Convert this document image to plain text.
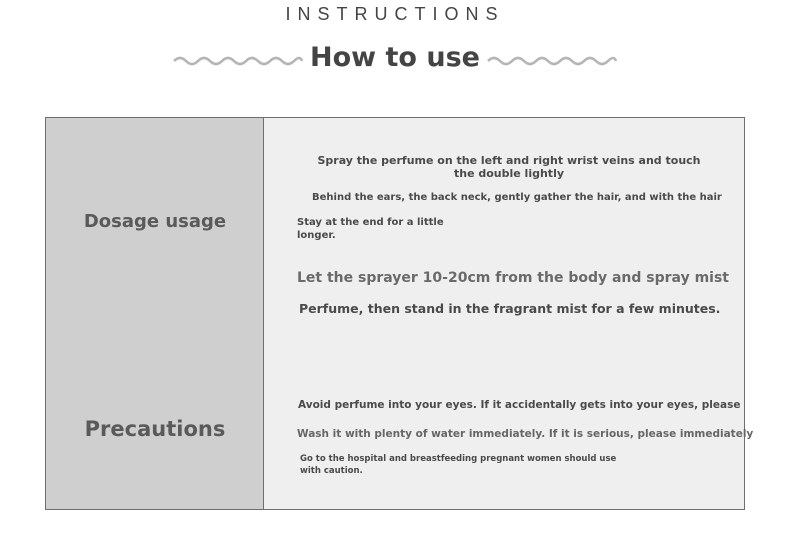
INSTRUCTIONS
How to use
Dosage usage
Precautions
Spray the perfume on the left and right wrist veins and touch the double lightly
Behind the ears, the back neck, gently gather the hair, and with the hair
Stay at the end for a little longer.
Let the sprayer 10-20cm from the body and spray mist
Perfume, then stand in the fragrant mist for a few minutes.
Avoid perfume into your eyes. If it accidentally gets into your eyes, please
Wash it with plenty of water immediately. If it is serious, please immediately
Go to the hospital and breastfeeding pregnant women should use with caution.
